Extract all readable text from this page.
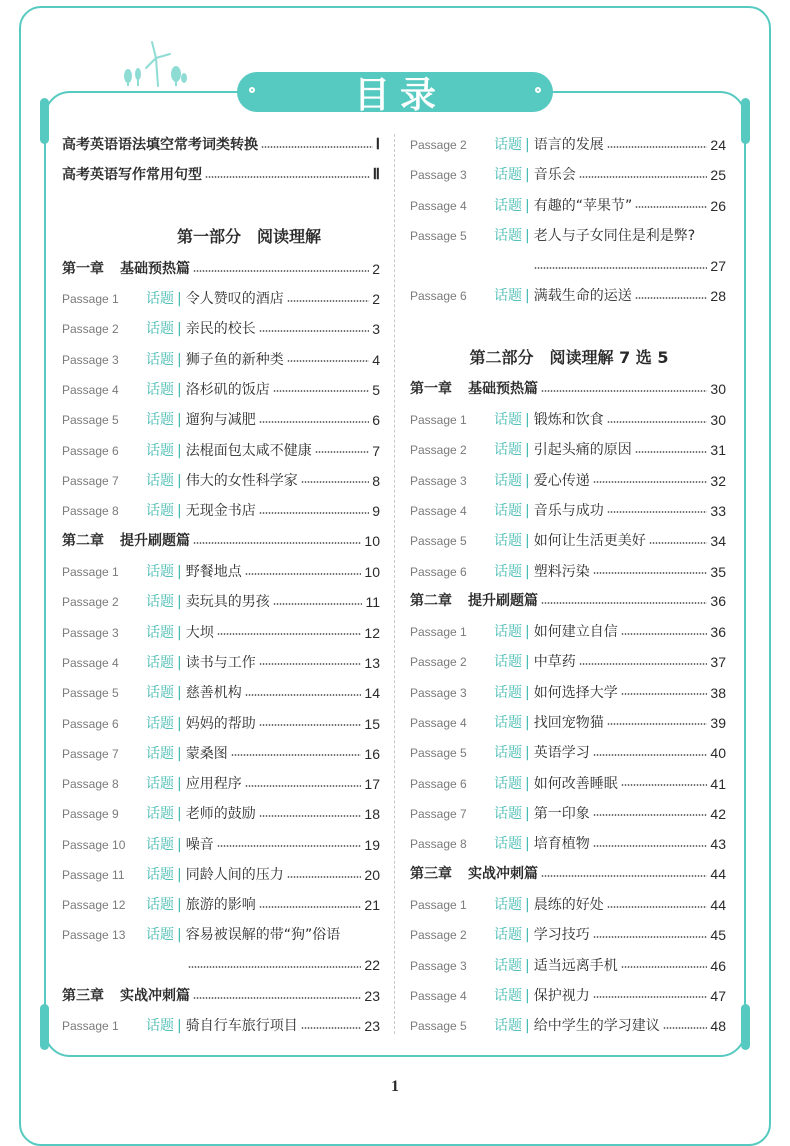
目录
高考英语语法填空常考词类转换	Ⅰ
高考英语写作常用句型	Ⅱ
第一部分　阅读理解
第一章 基础预热篇	2
Passage 1	话题 | 令人赞叹的酒店	2
Passage 2	话题 | 亲民的校长	3
Passage 3	话题 | 狮子鱼的新种类	4
Passage 4	话题 | 洛杉矶的饭店	5
Passage 5	话题 | 遛狗与减肥	6
Passage 6	话题 | 法棍面包太咸不健康	7
Passage 7	话题 | 伟大的女性科学家	8
Passage 8	话题 | 无现金书店	9
第二章 提升刷题篇	10
Passage 1	话题 | 野餐地点	10
Passage 2	话题 | 卖玩具的男孩	11
Passage 3	话题 | 大坝	12
Passage 4	话题 | 读书与工作	13
Passage 5	话题 | 慈善机构	14
Passage 6	话题 | 妈妈的帮助	15
Passage 7	话题 | 蒙桑图	16
Passage 8	话题 | 应用程序	17
Passage 9	话题 | 老师的鼓励	18
Passage 10	话题 | 噪音	19
Passage 11	话题 | 同龄人间的压力	20
Passage 12	话题 | 旅游的影响	21
Passage 13	话题 | 容易被误解的带“狗”俗语
22
第三章 实战冲刺篇	23
Passage 1	话题 | 骑自行车旅行项目	23
Passage 2	话题 | 语言的发展	24
Passage 3	话题 | 音乐会	25
Passage 4	话题 | 有趣的“苹果节”	26
Passage 5	话题 | 老人与子女同住是利是弊?
27
Passage 6	话题 | 满载生命的运送	28
第二部分　阅读理解 7 选 5
第一章 基础预热篇	30
Passage 1	话题 | 锻炼和饮食	30
Passage 2	话题 | 引起头痛的原因	31
Passage 3	话题 | 爱心传递	32
Passage 4	话题 | 音乐与成功	33
Passage 5	话题 | 如何让生活更美好	34
Passage 6	话题 | 塑料污染	35
第二章 提升刷题篇	36
Passage 1	话题 | 如何建立自信	36
Passage 2	话题 | 中草药	37
Passage 3	话题 | 如何选择大学	38
Passage 4	话题 | 找回宠物猫	39
Passage 5	话题 | 英语学习	40
Passage 6	话题 | 如何改善睡眠	41
Passage 7	话题 | 第一印象	42
Passage 8	话题 | 培育植物	43
第三章 实战冲刺篇	44
Passage 1	话题 | 晨练的好处	44
Passage 2	话题 | 学习技巧	45
Passage 3	话题 | 适当远离手机	46
Passage 4	话题 | 保护视力	47
Passage 5	话题 | 给中学生的学习建议	48
1
